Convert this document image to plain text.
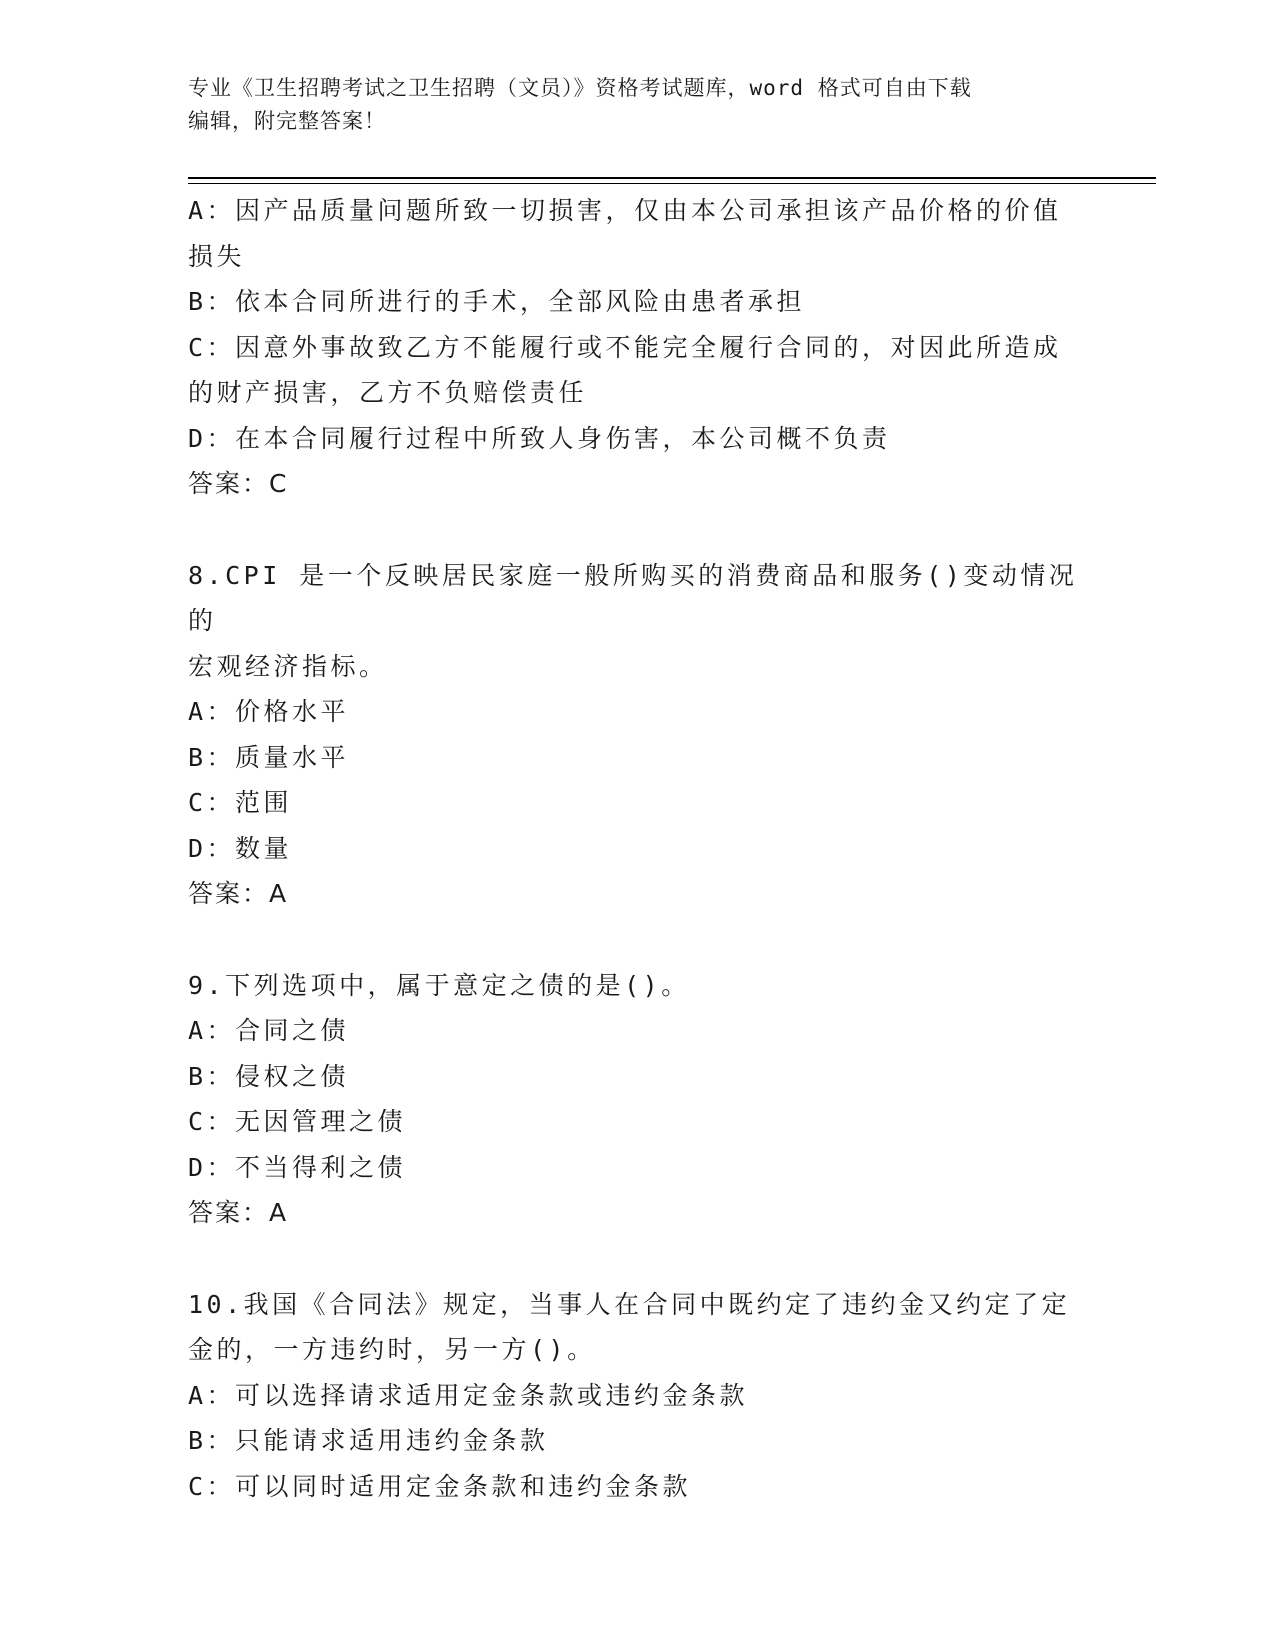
专业《卫生招聘考试之卫生招聘（文员）》资格考试题库，word 格式可自由下载
编辑，附完整答案！
A：因产品质量问题所致一切损害，仅由本公司承担该产品价格的价值
损失
B：依本合同所进行的手术，全部风险由患者承担
C：因意外事故致乙方不能履行或不能完全履行合同的，对因此所造成
的财产损害，乙方不负赔偿责任
D：在本合同履行过程中所致人身伤害，本公司概不负责
答案：C
8.CPI 是一个反映居民家庭一般所购买的消费商品和服务()变动情况的
宏观经济指标。
A：价格水平
B：质量水平
C：范围
D：数量
答案：A
9.下列选项中，属于意定之债的是()。
A：合同之债
B：侵权之债
C：无因管理之债
D：不当得利之债
答案：A
10.我国《合同法》规定，当事人在合同中既约定了违约金又约定了定
金的，一方违约时，另一方()。
A：可以选择请求适用定金条款或违约金条款
B：只能请求适用违约金条款
C：可以同时适用定金条款和违约金条款
